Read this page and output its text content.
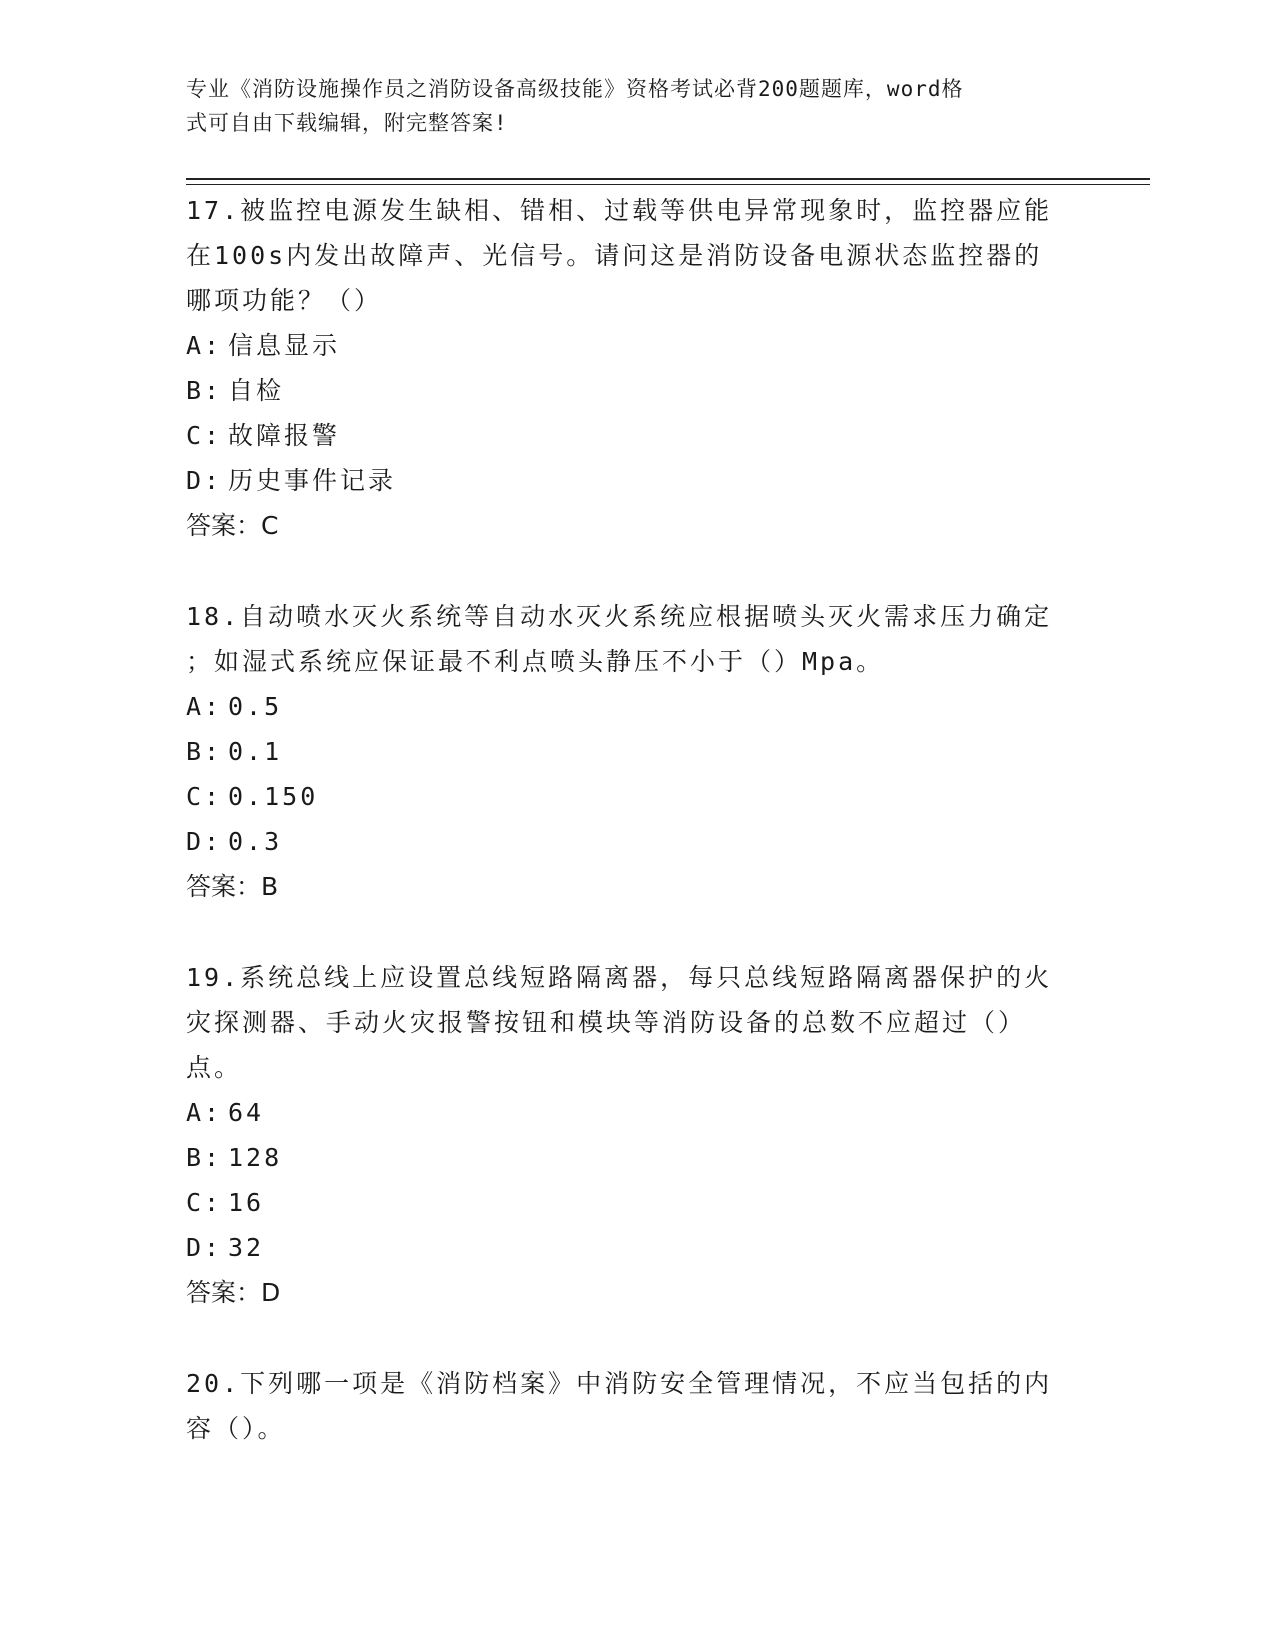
专业《消防设施操作员之消防设备高级技能》资格考试必背200题题库，word格
式可自由下载编辑，附完整答案!

17.被监控电源发生缺相、错相、过载等供电异常现象时，监控器应能

在100s内发出故障声、光信号。请问这是消防设备电源状态监控器的

哪项功能？（）

A: 信息显示
B: 自检
C: 故障报警
D: 历史事件记录

答案：C

18.自动喷水灭火系统等自动水灭火系统应根据喷头灭火需求压力确定

；如湿式系统应保证最不利点喷头静压不小于（）Mpa。

A: 0.5
B: 0.1
C: 0.150
D: 0.3

答案：B

19.系统总线上应设置总线短路隔离器，每只总线短路隔离器保护的火

灾探测器、手动火灾报警按钮和模块等消防设备的总数不应超过（）

点。

A: 64
B: 128
C: 16
D: 32

答案：D

20.下列哪一项是《消防档案》中消防安全管理情况，不应当包括的内

容（）。
